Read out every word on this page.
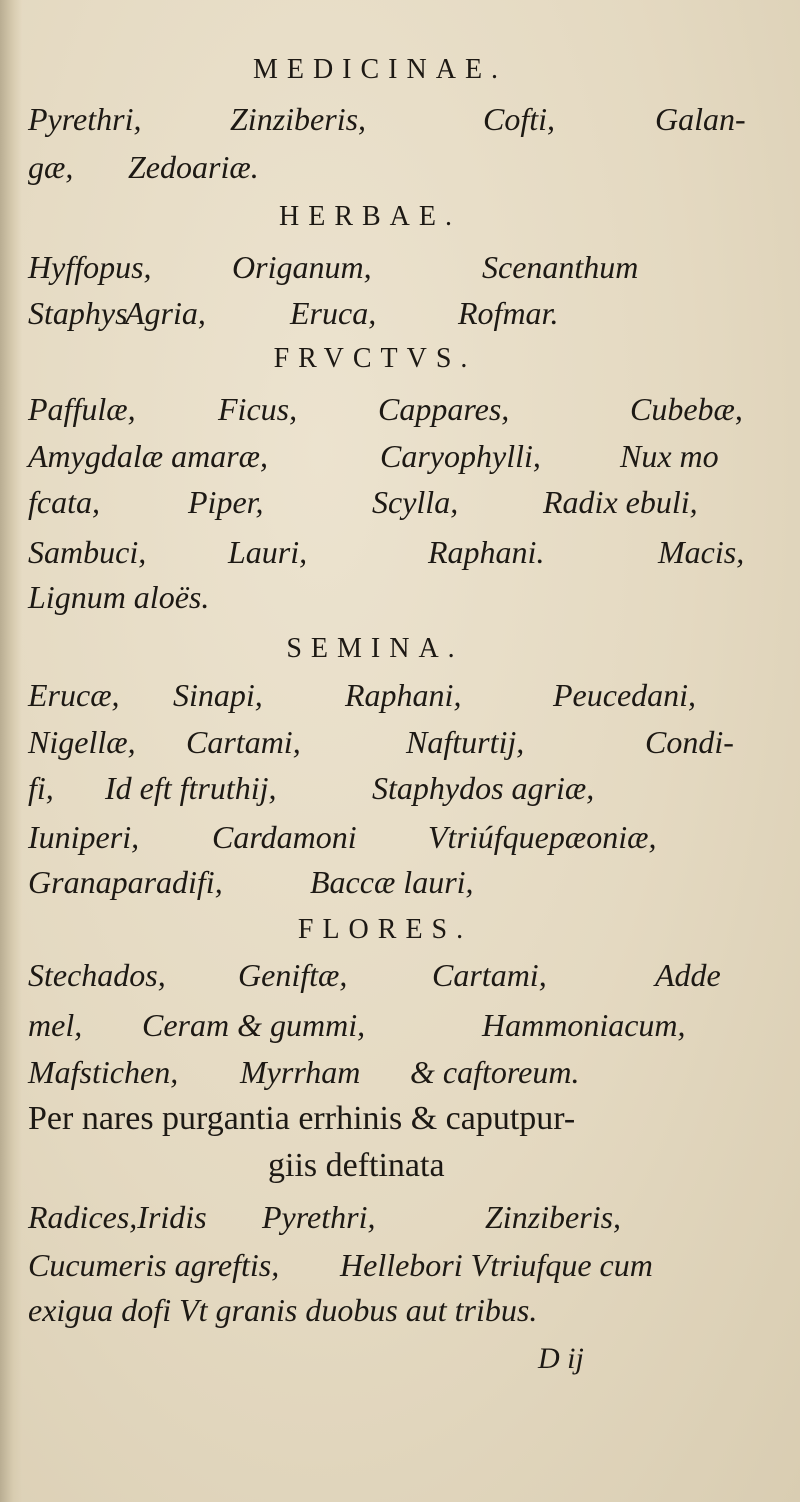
MEDICINAE.
Pyrethri,	Zinziberis,	Cofti,	Galan-
gæ, Zedoariæ.
HERBAE.
Hyffopus,	Origanum,	Scenanthum
Staphys
Agria,	Eruca,	Rofmar.
FRVCTVS.
Paffulæ,	Ficus,	Cappares,	Cubebæ,
Amygdalæ amaræ,	Caryophylli, Nux mo
fcata,	Piper,	Scylla,	Radix ebuli,
Sambuci,	Lauri,	Raphani.	Macis,
Lignum aloës.
SEMINA.
Erucæ, Sinapi,	Raphani,	Peucedani,
Nigellæ, Cartami,	Nafturtij,	Condi-
fi, Id eft ftruthij,	Staphydos agriæ,
Iuniperi, Cardamoni Vtriúfquepæoniæ,
Granaparadifi,	Baccæ lauri,
FLORES.
Stechados, Geniftæ,	Cartami,	Adde
mel, Ceram & gummi,	Hammoniacum,
Mafstichen, Myrrham & caftoreum.
Per nares purgantia errhinis & caputpur-
giis deftinata
Radices,Iridis Pyrethri,	Zinziberis,
Cucumeris agreftis, Hellebori Vtriufque cum
exigua dofi Vt granis duobus aut tribus.
D ij
